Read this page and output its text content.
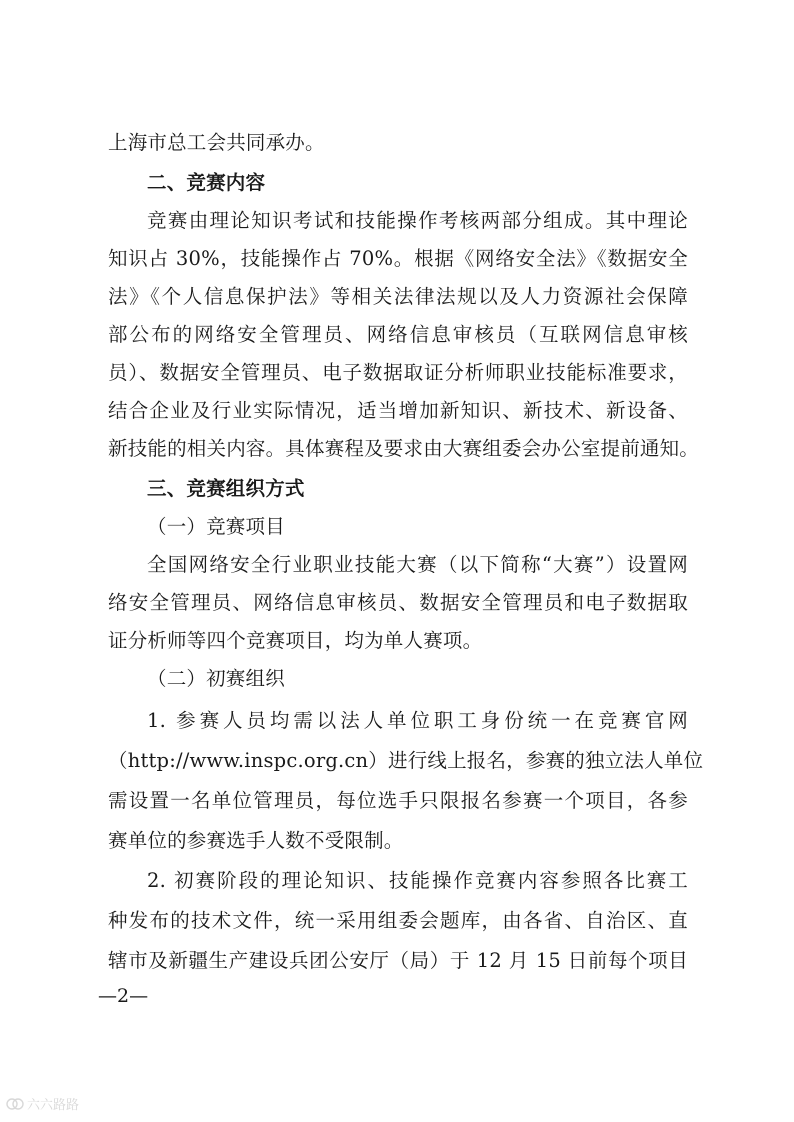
上海市总工会共同承办。
二、竞赛内容
竞赛由理论知识考试和技能操作考核两部分组成。其中理论
知识占 30%，技能操作占 70%。根据《网络安全法》《数据安全
法》《个人信息保护法》等相关法律法规以及人力资源社会保障
部公布的网络安全管理员、网络信息审核员（互联网信息审核
员）、数据安全管理员、电子数据取证分析师职业技能标准要求，
结合企业及行业实际情况，适当增加新知识、新技术、新设备、
新技能的相关内容。具体赛程及要求由大赛组委会办公室提前通知。
三、竞赛组织方式
（一）竞赛项目
全国网络安全行业职业技能大赛（以下简称“大赛”）设置网
络安全管理员、网络信息审核员、数据安全管理员和电子数据取
证分析师等四个竞赛项目，均为单人赛项。
（二）初赛组织
1. 参赛人员均需以法人单位职工身份统一在竞赛官网
（http://www.inspc.org.cn）进行线上报名，参赛的独立法人单位
需设置一名单位管理员，每位选手只限报名参赛一个项目，各参
赛单位的参赛选手人数不受限制。
2. 初赛阶段的理论知识、技能操作竞赛内容参照各比赛工
种发布的技术文件，统一采用组委会题库，由各省、自治区、直
辖市及新疆生产建设兵团公安厅（局）于 12 月 15 日前每个项目
—2—
六六路路
